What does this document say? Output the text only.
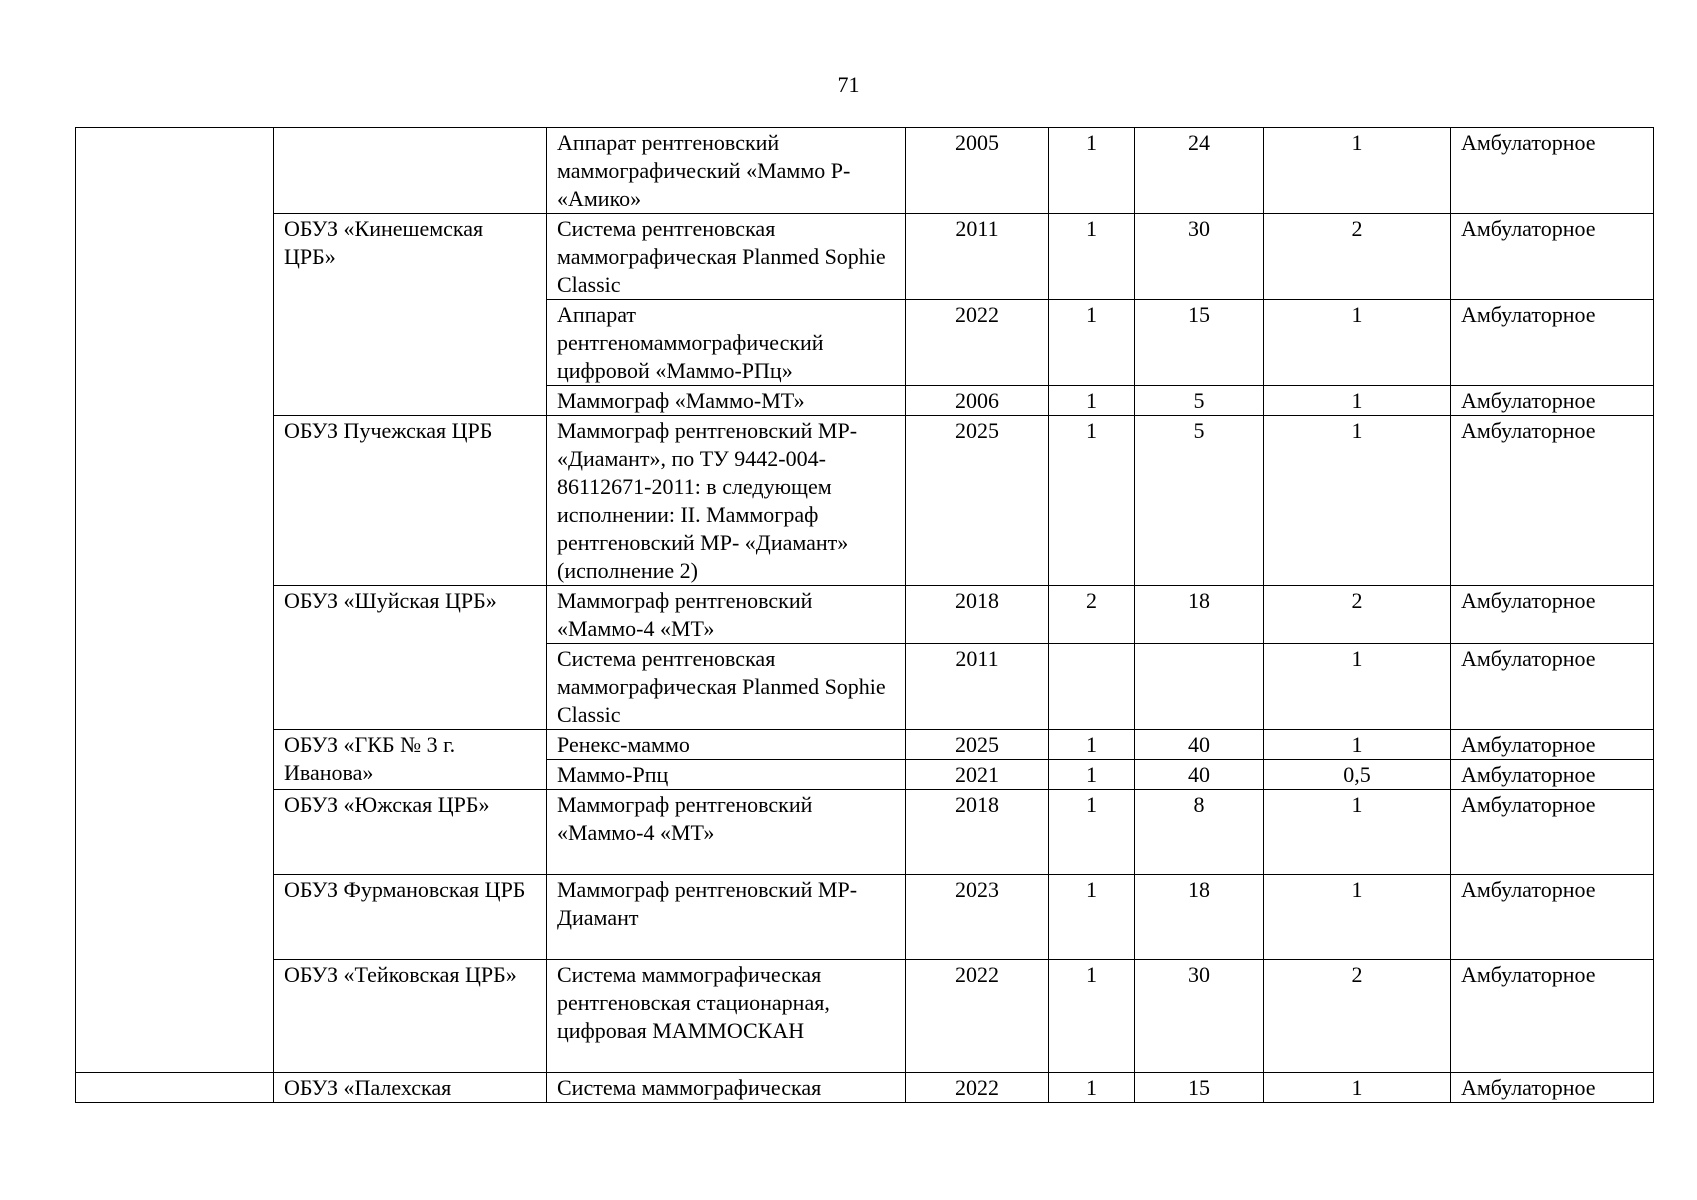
71
		Аппарат рентгеновский маммографический «Маммо Р- «Амико»	2005	1	24	1	Амбулаторное
	ОБУЗ «Кинешемская ЦРБ»	Система рентгеновская маммографическая Planmed Sophie Classic	2011	1	30	2	Амбулаторное
		Аппарат рентгеномаммографический цифровой «Маммо-РПц»	2022	1	15	1	Амбулаторное
		Маммограф «Маммо-МТ»	2006	1	5	1	Амбулаторное
	ОБУЗ Пучежская ЦРБ	Маммограф рентгеновский МР- «Диамант», по ТУ 9442-004-86112671-2011: в следующем исполнении: II. Маммограф рентгеновский МР- «Диамант» (исполнение 2)	2025	1	5	1	Амбулаторное
	ОБУЗ «Шуйская ЦРБ»	Маммограф рентгеновский «Маммо-4 «МТ»	2018	2	18	2	Амбулаторное
		Система рентгеновская маммографическая Planmed Sophie Classic	2011			1	Амбулаторное
	ОБУЗ «ГКБ № 3 г. Иванова»	Ренекс-маммо	2025	1	40	1	Амбулаторное
		Маммо-Рпц	2021	1	40	0,5	Амбулаторное
	ОБУЗ «Южская ЦРБ»	Маммограф рентгеновский «Маммо-4 «МТ»	2018	1	8	1	Амбулаторное
	ОБУЗ Фурмановская ЦРБ	Маммограф рентгеновский МР-Диамант	2023	1	18	1	Амбулаторное
	ОБУЗ «Тейковская ЦРБ»	Система маммографическая рентгеновская стационарная, цифровая МАММОСКАН	2022	1	30	2	Амбулаторное
	ОБУЗ «Палехская	Система маммографическая	2022	1	15	1	Амбулаторное
